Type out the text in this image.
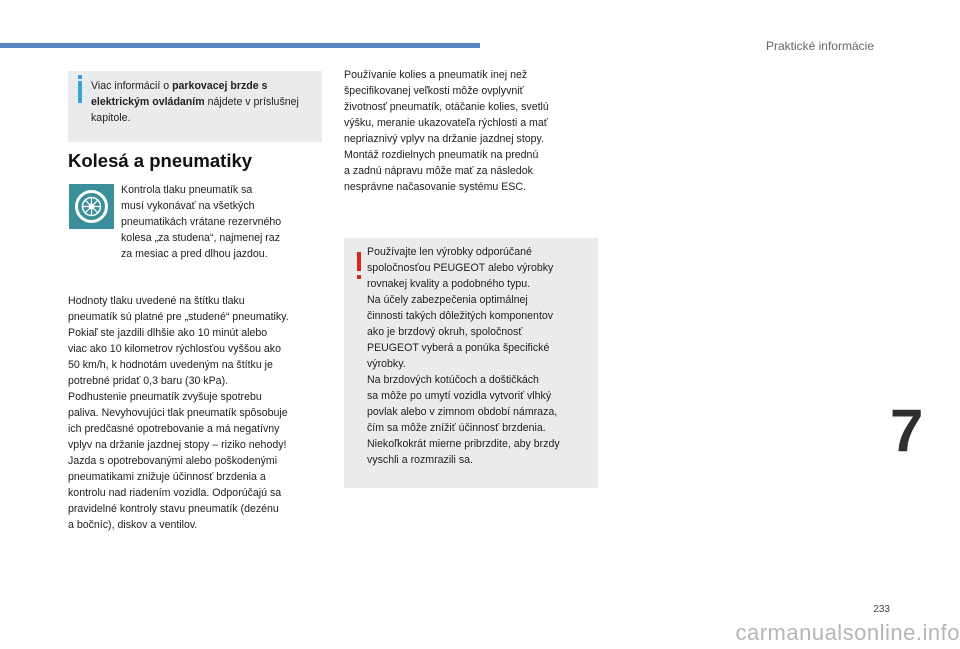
Praktické informácie
Viac informácií o parkovacej brzde s elektrickým ovládaním nájdete v príslušnej kapitole.
Kolesá a pneumatiky

Kontrola tlaku pneumatík sa
musí vykonávať na všetkých
pneumatikách vrátane rezervného
kolesa „za studena“, najmenej raz
za mesiac a pred dlhou jazdou.

Hodnoty tlaku uvedené na štítku tlaku
pneumatík sú platné pre „studené“ pneumatiky.
Pokiaľ ste jazdili dlhšie ako 10 minút alebo
viac ako 10 kilometrov rýchlosťou vyššou ako
50 km/h, k hodnotám uvedeným na štítku je
potrebné pridať 0,3 baru (30 kPa).
Podhustenie pneumatík zvyšuje spotrebu
paliva. Nevyhovujúci tlak pneumatík spôsobuje
ich predčasné opotrebovanie a má negatívny
vplyv na držanie jazdnej stopy – riziko nehody!
Jazda s opotrebovanými alebo poškodenými
pneumatikami znižuje účinnosť brzdenia a
kontrolu nad riadením vozidla. Odporúčajú sa
pravidelné kontroly stavu pneumatík (dezénu
a bočníc), diskov a ventilov.

Používanie kolies a pneumatík inej než
špecifikovanej veľkosti môže ovplyvniť
životnosť pneumatík, otáčanie kolies, svetlú
výšku, meranie ukazovateľa rýchlosti a mať
nepriaznivý vplyv na držanie jazdnej stopy.
Montáž rozdielnych pneumatík na prednú
a zadnú nápravu môže mať za následok
nesprávne načasovanie systému ESC.

Používajte len výrobky odporúčané
spoločnosťou PEUGEOT alebo výrobky
rovnakej kvality a podobného typu.
Na účely zabezpečenia optimálnej
činnosti takých dôležitých komponentov
ako je brzdový okruh, spoločnosť
PEUGEOT vyberá a ponúka špecifické
výrobky.
Na brzdových kotúčoch a doštičkách
sa môže po umytí vozidla vytvoriť vlhký
povlak alebo v zimnom období námraza,
čím sa môže znížiť účinnosť brzdenia.
Niekoľkokrát mierne pribrzdite, aby brzdy
vyschli a rozmrazili sa.	7
233
carmanualsonline.info
